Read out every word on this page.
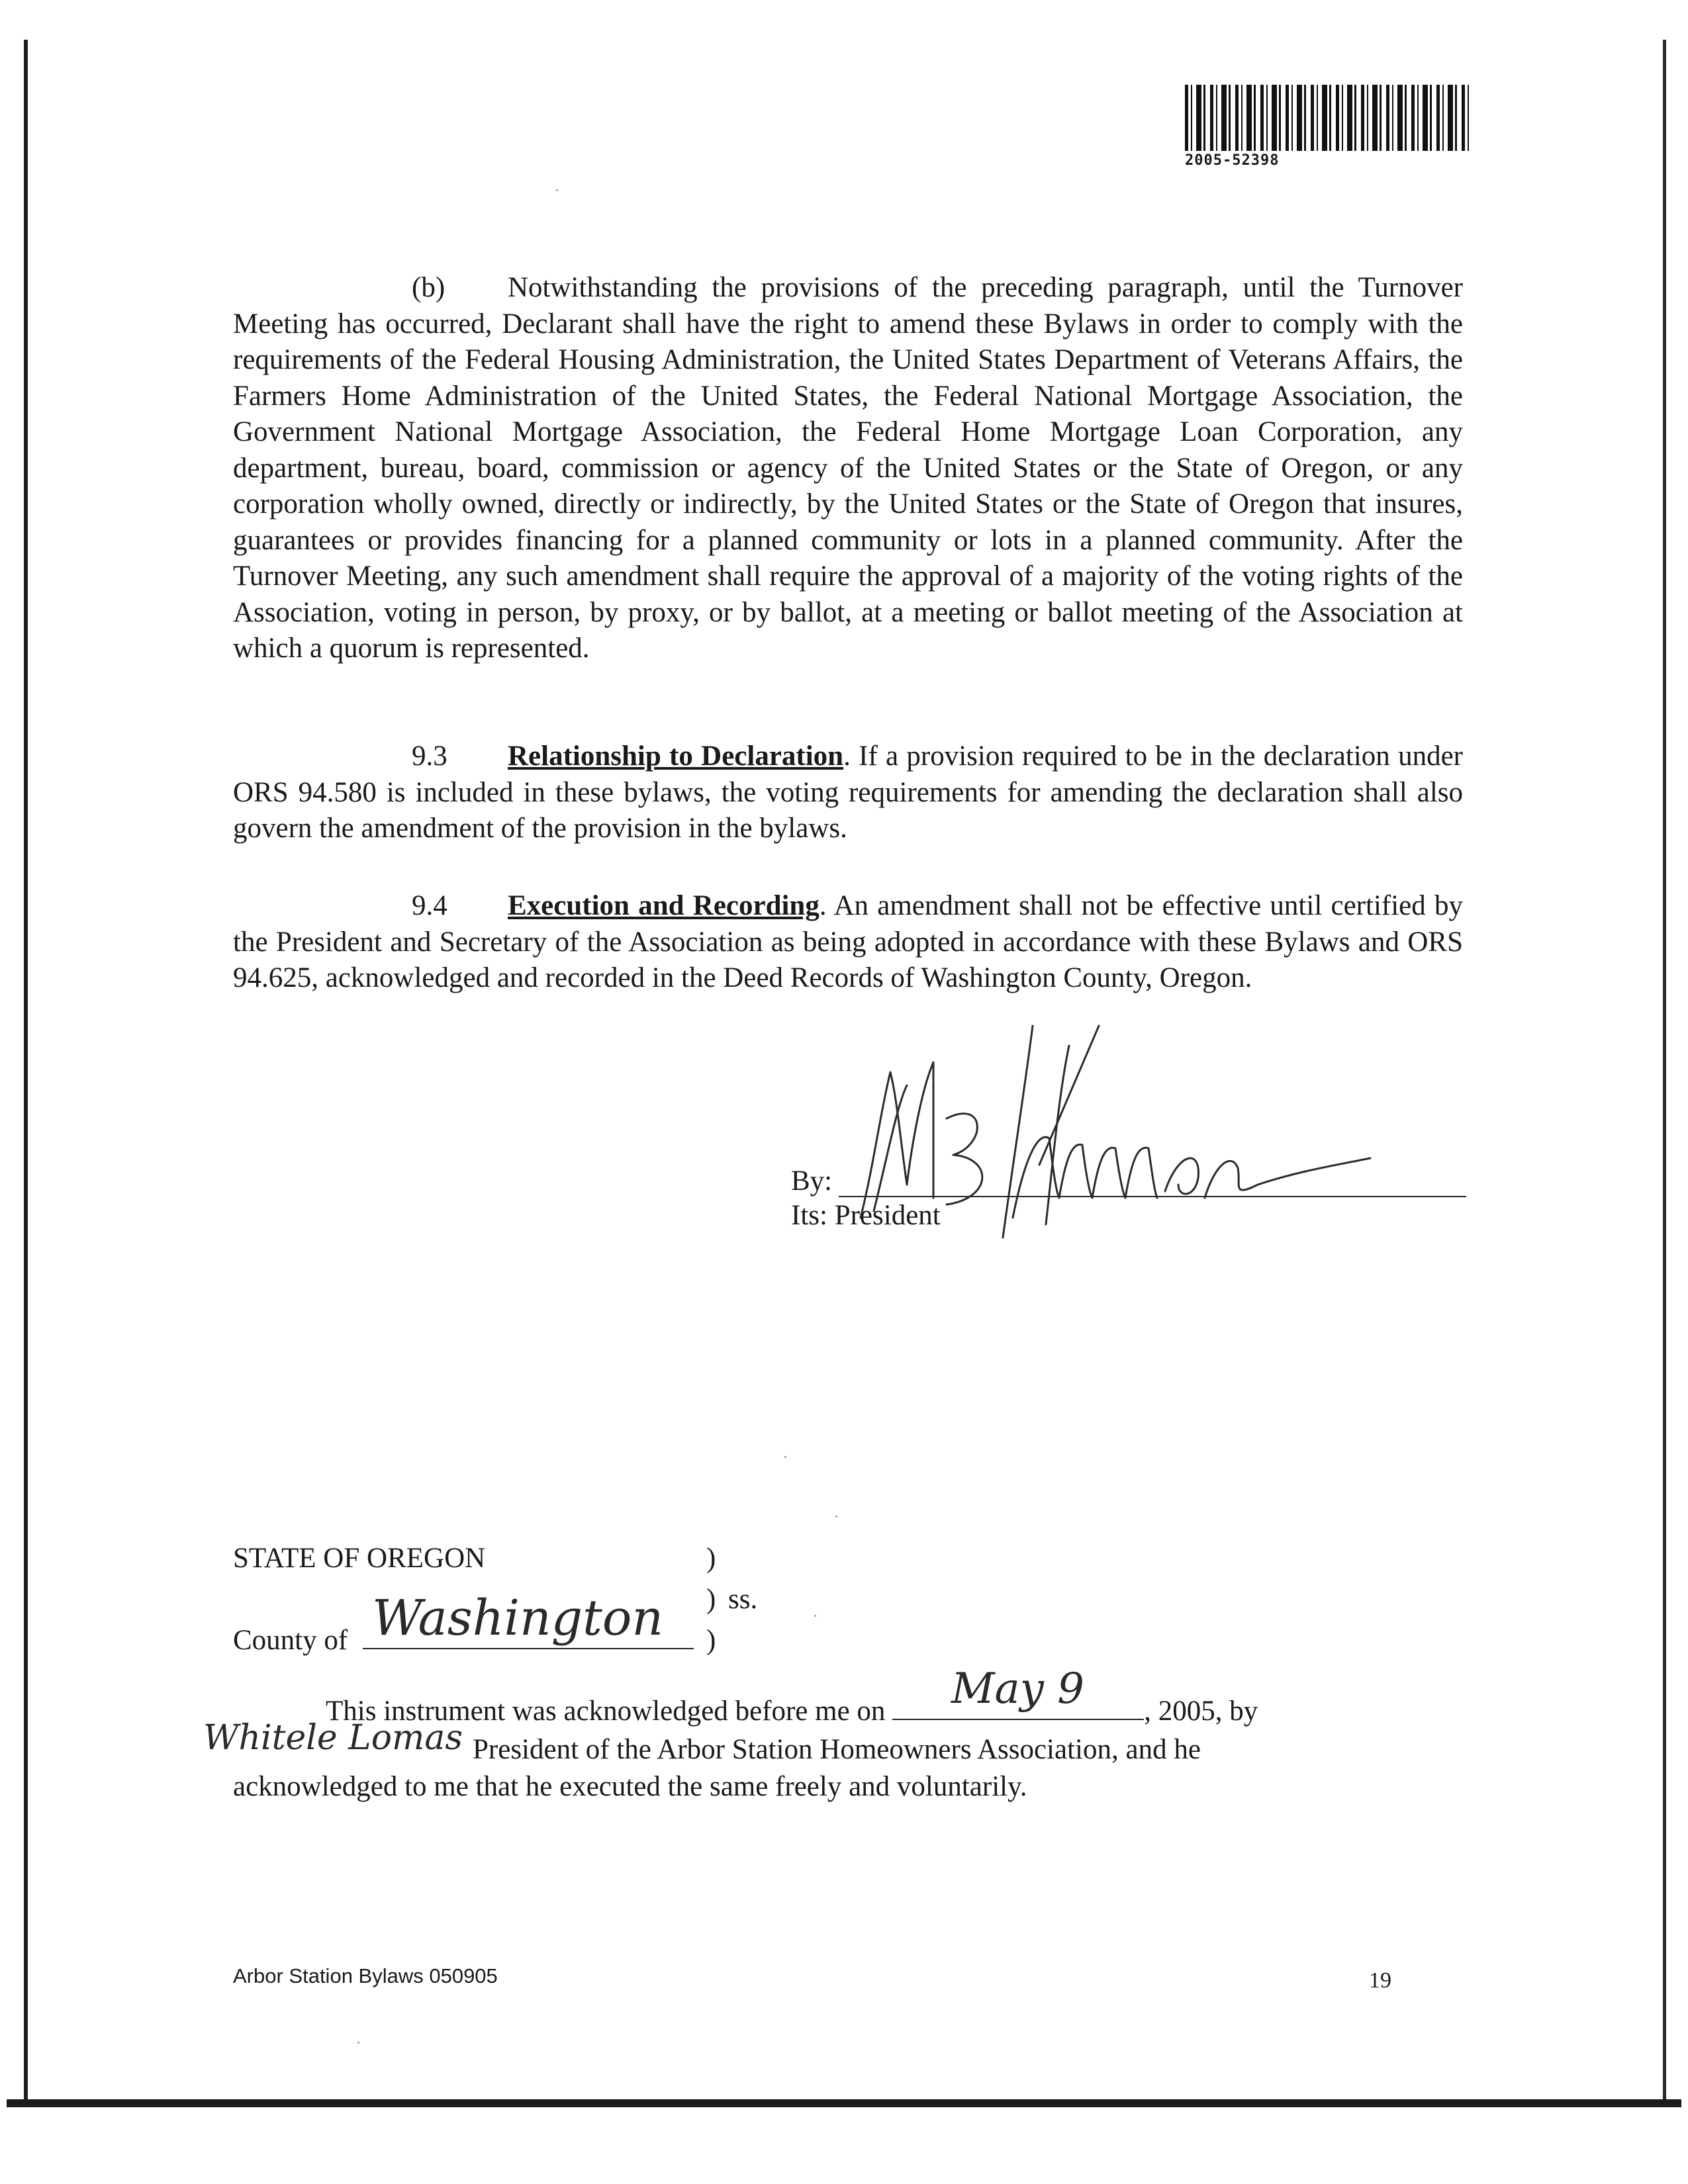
2005-52398

(b) Notwithstanding the provisions of the preceding paragraph, until the Turnover Meeting has occurred, Declarant shall have the right to amend these Bylaws in order to comply with the requirements of the Federal Housing Administration, the United States Department of Veterans Affairs, the Farmers Home Administration of the United States, the Federal National Mortgage Association, the Government National Mortgage Association, the Federal Home Mortgage Loan Corporation, any department, bureau, board, commission or agency of the United States or the State of Oregon, or any corporation wholly owned, directly or indirectly, by the United States or the State of Oregon that insures, guarantees or provides financing for a planned community or lots in a planned community. After the Turnover Meeting, any such amendment shall require the approval of a majority of the voting rights of the Association, voting in person, by proxy, or by ballot, at a meeting or ballot meeting of the Association at which a quorum is represented.

9.3 Relationship to Declaration. If a provision required to be in the declaration under ORS 94.580 is included in these bylaws, the voting requirements for amending the declaration shall also govern the amendment of the provision in the bylaws.

9.4 Execution and Recording. An amendment shall not be effective until certified by the President and Secretary of the Association as being adopted in accordance with these Bylaws and ORS 94.625, acknowledged and recorded in the Deed Records of Washington County, Oregon.

By:
Its: President
STATE OF OREGON	)
) ss.
)
County of Washington
This instrument was acknowledged before me on	, 2005, by
May 9
Whitele Lomas President of the Arbor Station Homeowners Association, and he
acknowledged to me that he executed the same freely and voluntarily.
Arbor Station Bylaws 050905	19
